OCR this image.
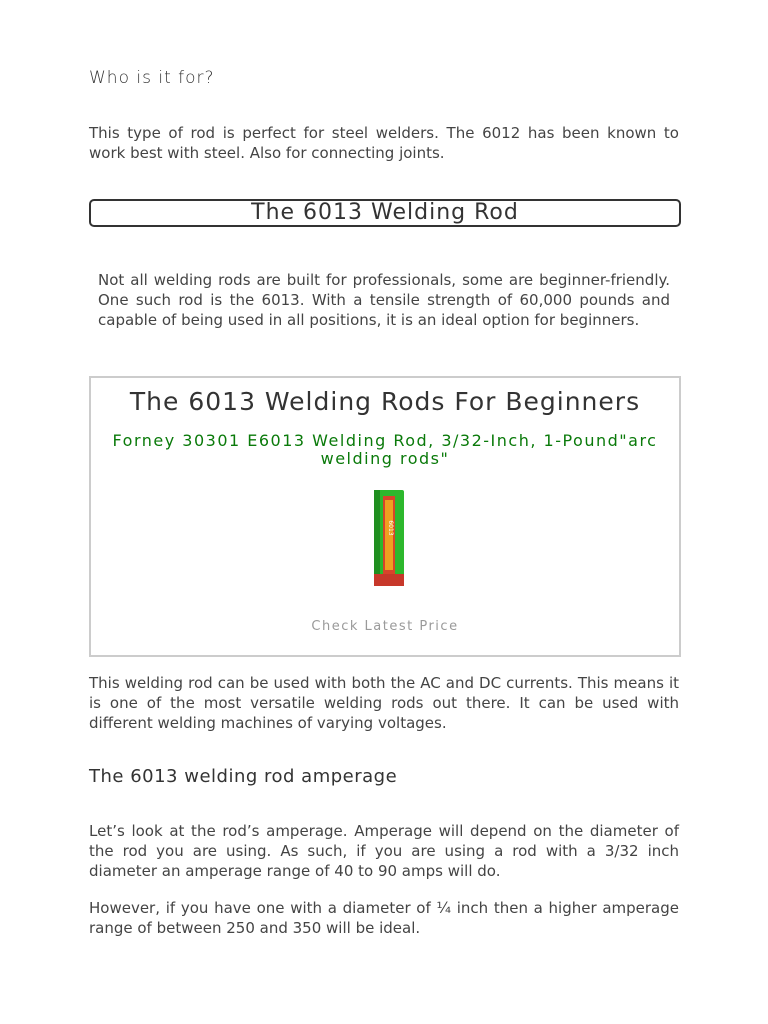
Who is it for?
This type of rod is perfect for steel welders. The 6012 has been known to work best with steel. Also for connecting joints.
The 6013 Welding Rod
Not all welding rods are built for professionals, some are beginner-friendly. One such rod is the 6013. With a tensile strength of 60,000 pounds and capable of being used in all positions, it is an ideal option for beginners.
The 6013 Welding Rods For Beginners
Forney 30301 E6013 Welding Rod, 3/32-Inch, 1-Pound"arc welding rods"
6013
Check Latest Price
This welding rod can be used with both the AC and DC currents. This means it is one of the most versatile welding rods out there. It can be used with different welding machines of varying voltages.
The 6013 welding rod amperage
Let’s look at the rod’s amperage. Amperage will depend on the diameter of the rod you are using. As such, if you are using a rod with a 3/32 inch diameter an amperage range of 40 to 90 amps will do.
However, if you have one with a diameter of ¼ inch then a higher amperage range of between 250 and 350 will be ideal.
